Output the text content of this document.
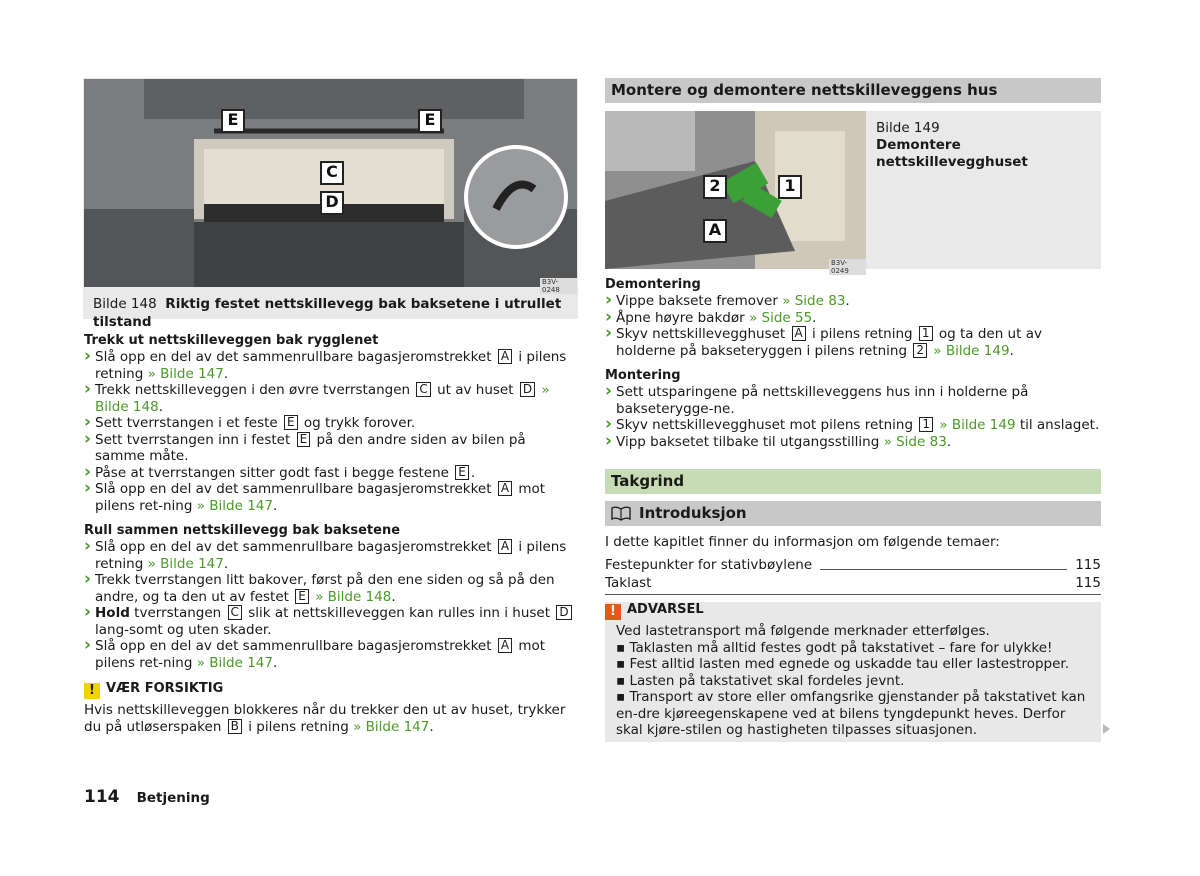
E	E
C
D
B3V-0248
Bilde 148 Riktig festet nettskillevegg bak baksetene i utrullet tilstand
Trekk ut nettskilleveggen bak rygglenet
› Slå opp en del av det sammenrullbare bagasjeromstrekket A i pilens retning » Bilde 147.
› Trekk nettskilleveggen i den øvre tverrstangen C ut av huset D » Bilde 148.
› Sett tverrstangen i et feste E og trykk forover.
› Sett tverrstangen inn i festet E på den andre siden av bilen på samme måte.
› Påse at tverrstangen sitter godt fast i begge festene E .
› Slå opp en del av det sammenrullbare bagasjeromstrekket A mot pilens ret-ning » Bilde 147.
Rull sammen nettskillevegg bak baksetene
› Slå opp en del av det sammenrullbare bagasjeromstrekket A i pilens retning » Bilde 147.
› Trekk tverrstangen litt bakover, først på den ene siden og så på den andre, og ta den ut av festet E » Bilde 148.
› Hold tverrstangen C slik at nettskilleveggen kan rulles inn i huset D lang-somt og uten skader.
› Slå opp en del av det sammenrullbare bagasjeromstrekket A mot pilens ret-ning » Bilde 147.
! VÆR FORSIKTIG
Hvis nettskilleveggen blokkeres når du trekker den ut av huset, trykker du på utløserspaken B i pilens retning » Bilde 147.
Montere og demontere nettskilleveggens hus
2	1
A
B3V-0249
Bilde 149
Demontere nettskillevegghuset
Demontering
› Vippe baksete fremover » Side 83.
› Åpne høyre bakdør » Side 55.
› Skyv nettskillevegghuset A i pilens retning 1 og ta den ut av holderne på bakseteryggen i pilens retning 2 » Bilde 149.
Montering
› Sett utsparingene på nettskilleveggens hus inn i holderne på bakseterygge-ne.
› Skyv nettskillevegghuset mot pilens retning 1 » Bilde 149 til anslaget.
› Vipp baksetet tilbake til utgangsstilling » Side 83.
Takgrind
Introduksjon
I dette kapitlet finner du informasjon om følgende temaer:
Festepunkter for stativbøylene	115
Taklast	115
! ADVARSEL
Ved lastetransport må følgende merknader etterfølges.
▪ Taklasten må alltid festes godt på takstativet – fare for ulykke!
▪ Fest alltid lasten med egnede og uskadde tau eller lastestropper.
▪ Lasten på takstativet skal fordeles jevnt.
▪ Transport av store eller omfangsrike gjenstander på takstativet kan en-dre kjøreegenskapene ved at bilens tyngdepunkt heves. Derfor skal kjøre-stilen og hastigheten tilpasses situasjonen.
114 Betjening
